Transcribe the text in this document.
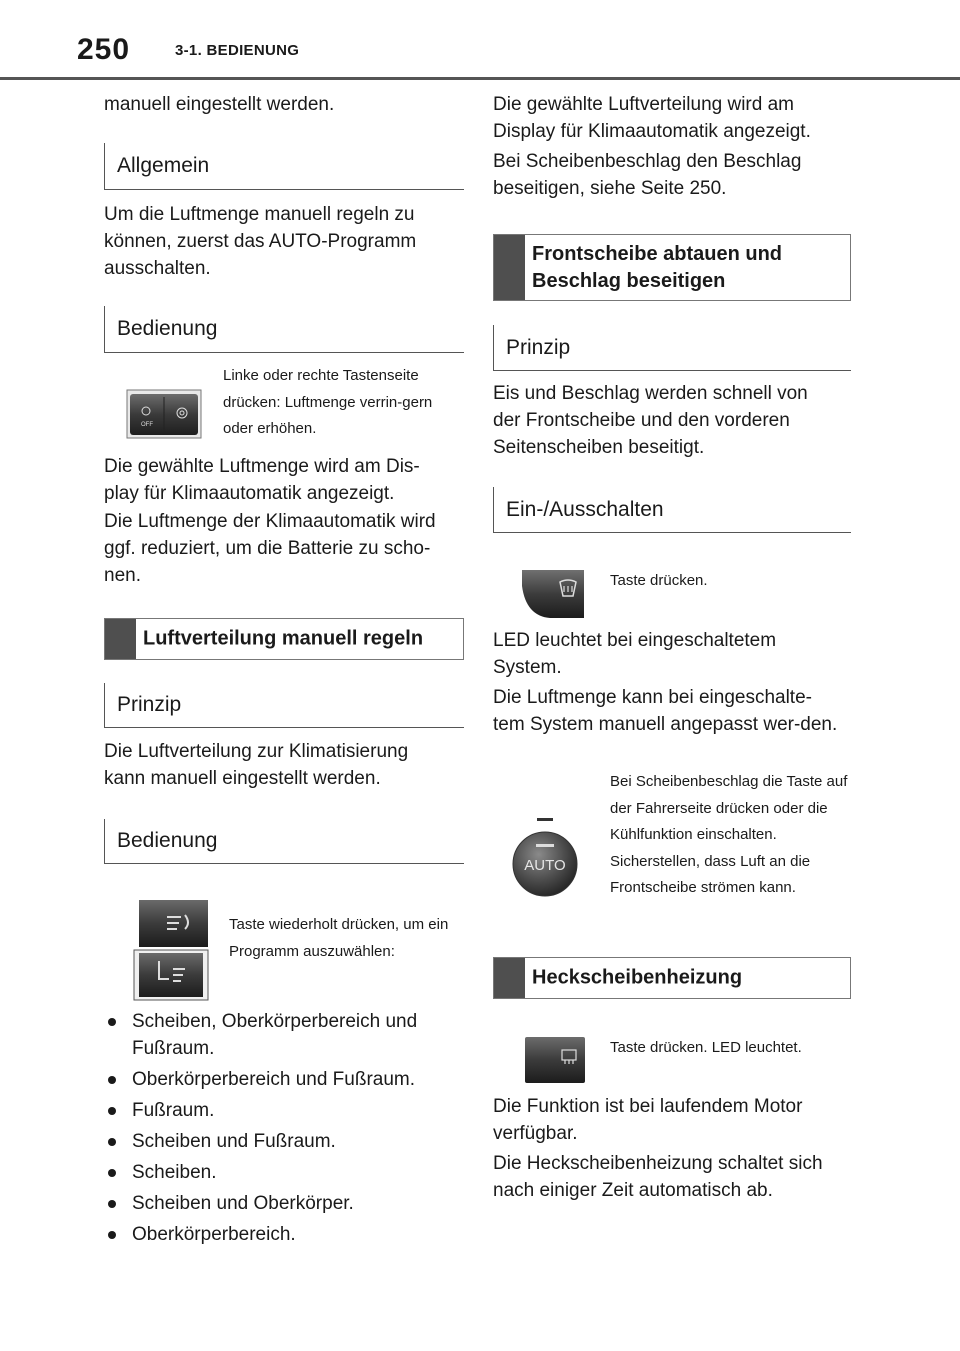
250	3-1. BEDIENUNG

manuell eingestellt werden.

Allgemein

Um die Luftmenge manuell regeln zu können, zuerst das AUTO-Programm ausschalten.

Bedienung
OFF

Linke oder rechte Tastenseite drücken: Luftmenge verrin-gern oder erhöhen.

Die gewählte Luftmenge wird am Dis-play für Klimaautomatik angezeigt.

Die Luftmenge der Klimaautomatik wird ggf. reduziert, um die Batterie zu scho-nen.

Luftverteilung manuell regeln
Prinzip

Die Luftverteilung zur Klimatisierung kann manuell eingestellt werden.

Bedienung

Taste wiederholt drücken, um ein Programm auszuwählen:

Scheiben, Oberkörperbereich und Fußraum.
Oberkörperbereich und Fußraum.
Fußraum.
Scheiben und Fußraum.
Scheiben.
Scheiben und Oberkörper.
Oberkörperbereich.

Die gewählte Luftverteilung wird am Display für Klimaautomatik angezeigt.

Bei Scheibenbeschlag den Beschlag beseitigen, siehe Seite 250.

Frontscheibe abtauen und Beschlag beseitigen
Prinzip

Eis und Beschlag werden schnell von der Frontscheibe und den vorderen Seitenscheiben beseitigt.

Ein-/Ausschalten

Taste drücken.

LED leuchtet bei eingeschaltetem System.

Die Luftmenge kann bei eingeschalte-tem System manuell angepasst wer-den.

AUTO

Bei Scheibenbeschlag die Taste auf der Fahrerseite drücken oder die Kühlfunktion einschalten. Sicherstellen, dass Luft an die Frontscheibe strömen kann.

Heckscheibenheizung

Taste drücken. LED leuchtet.

Die Funktion ist bei laufendem Motor verfügbar.

Die Heckscheibenheizung schaltet sich nach einiger Zeit automatisch ab.
